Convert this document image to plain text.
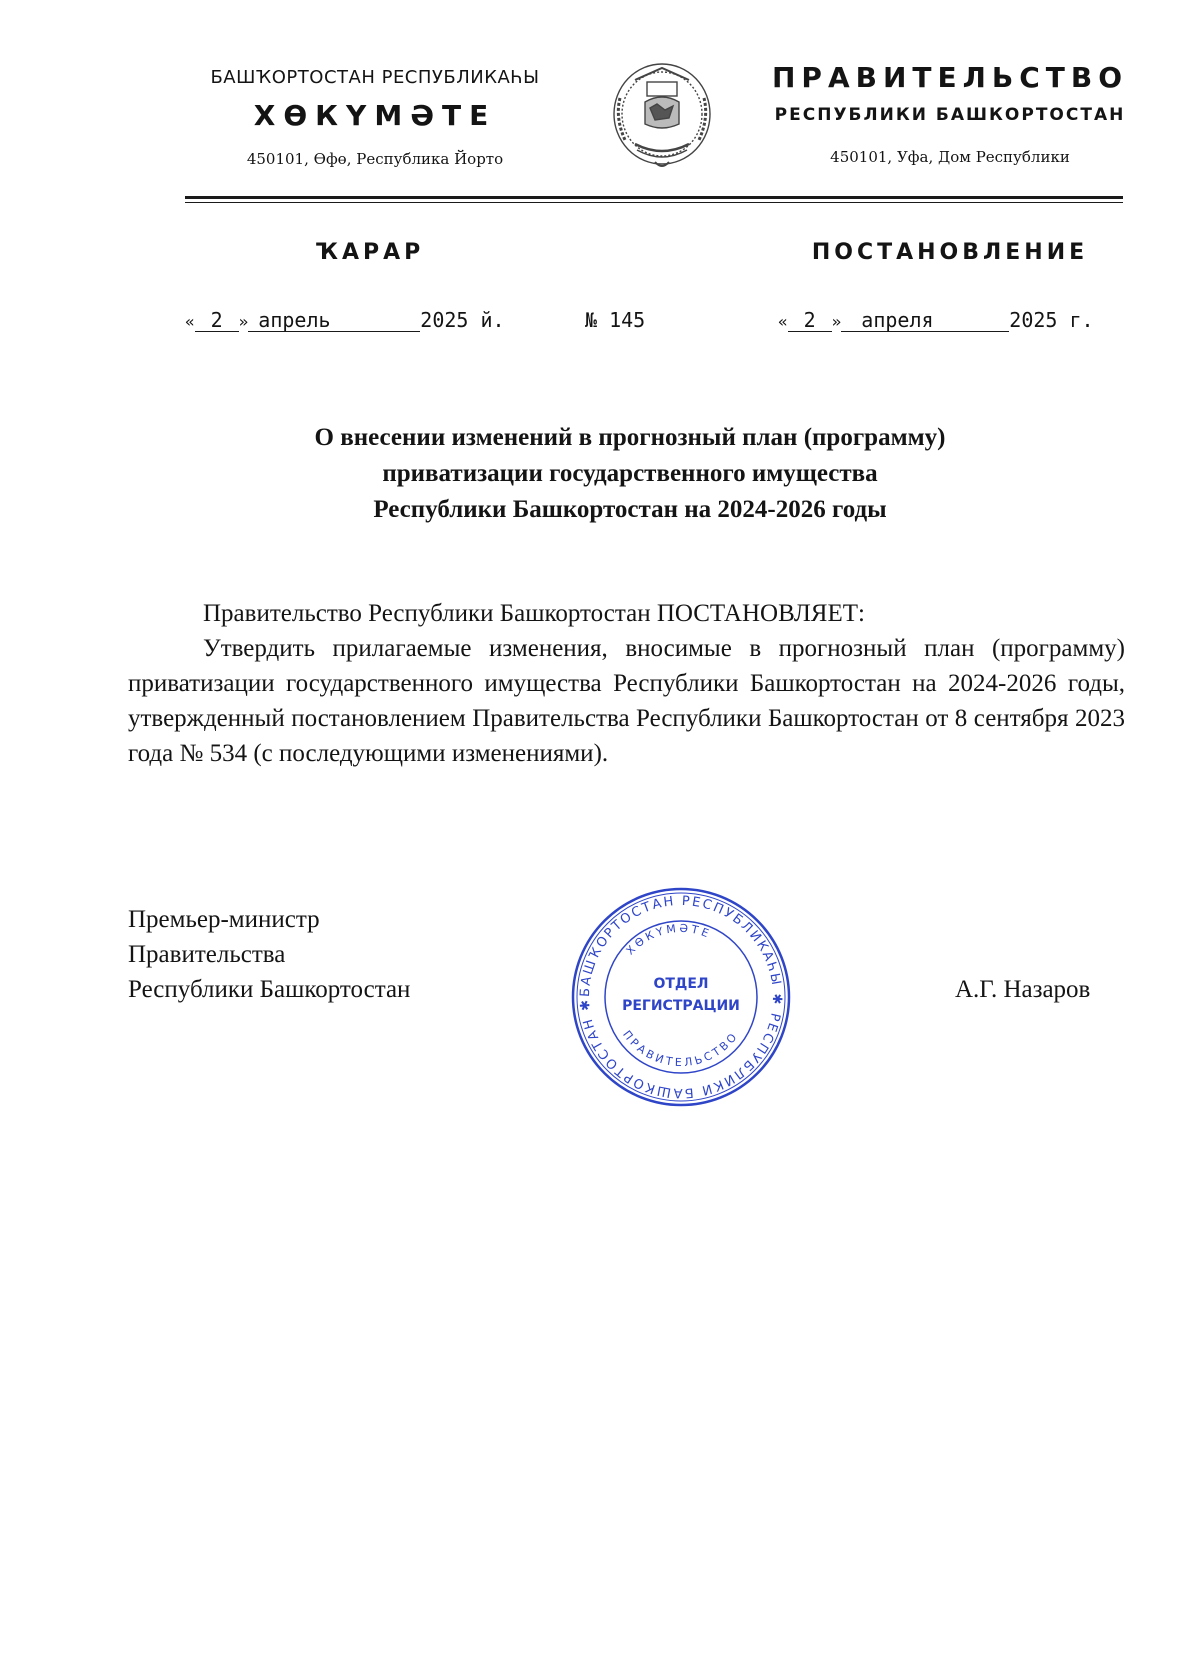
БАШҠОРТОСТАН РЕСПУБЛИКАҺЫ
ХӨКҮМӘТЕ
450101, Өфө, Республика Йорто
ПРАВИТЕЛЬСТВО
РЕСПУБЛИКИ БАШКОРТОСТАН
450101, Уфа, Дом Республики
ҠАРАР	ПОСТАНОВЛЕНИЕ
« 2 » апрель	2025 й.	№ 145	« 2 » апреля	2025 г.
О внесении изменений в прогнозный план (программу)
приватизации государственного имущества
Республики Башкортостан на 2024-2026 годы

Правительство Республики Башкортостан ПОСТАНОВЛЯЕТ:

Утвердить прилагаемые изменения, вносимые в прогнозный план (программу) приватизации государственного имущества Республики Башкортостан на 2024-2026 годы, утвержденный постановлением Правительства Республики Башкортостан от 8 сентября 2023 года № 534 (с последующими изменениями).

Премьер-министр
Правительства
Республики Башкортостан	А.Г. Назаров
БАШҠОРТОСТАН РЕСПУБЛИКАҺЫ ✱ РЕСПУБЛИКИ БАШКОРТОСТАН ✱
ХӨКҮМӘТЕ
ПРАВИТЕЛЬСТВО
ОТДЕЛ
РЕГИСТРАЦИИ
